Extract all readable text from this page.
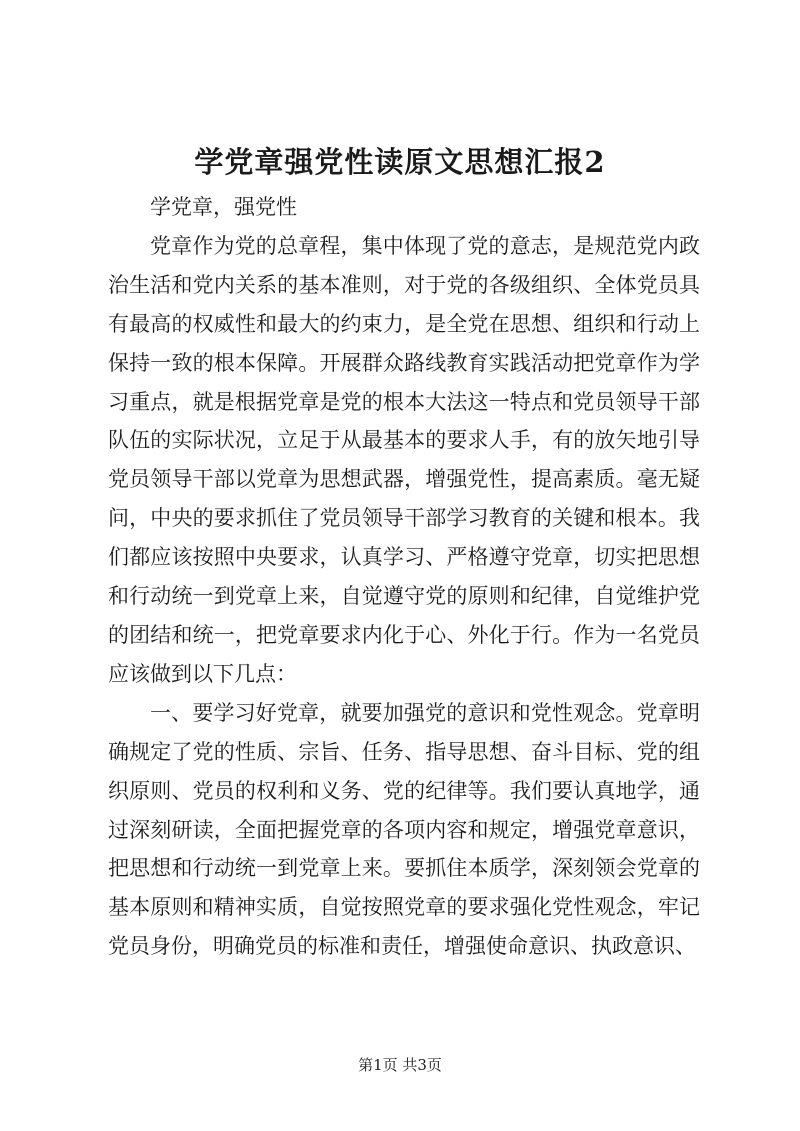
学党章强党性读原文思想汇报2

学党章，强党性

党章作为党的总章程，集中体现了党的意志，是规范党内政治生活和党内关系的基本准则，对于党的各级组织、全体党员具有最高的权威性和最大的约束力，是全党在思想、组织和行动上保持一致的根本保障。开展群众路线教育实践活动把党章作为学习重点，就是根据党章是党的根本大法这一特点和党员领导干部队伍的实际状况，立足于从最基本的要求人手，有的放矢地引导党员领导干部以党章为思想武器，增强党性，提高素质。毫无疑问，中央的要求抓住了党员领导干部学习教育的关键和根本。我们都应该按照中央要求，认真学习、严格遵守党章，切实把思想和行动统一到党章上来，自觉遵守党的原则和纪律，自觉维护党的团结和统一，把党章要求内化于心、外化于行。作为一名党员应该做到以下几点：

一、要学习好党章，就要加强党的意识和党性观念。党章明确规定了党的性质、宗旨、任务、指导思想、奋斗目标、党的组织原则、党员的权利和义务、党的纪律等。我们要认真地学，通过深刻研读，全面把握党章的各项内容和规定，增强党章意识，把思想和行动统一到党章上来。要抓住本质学，深刻领会党章的基本原则和精神实质，自觉按照党章的要求强化党性观念，牢记党员身份，明确党员的标准和责任，增强使命意识、执政意识、

第1页 共3页
